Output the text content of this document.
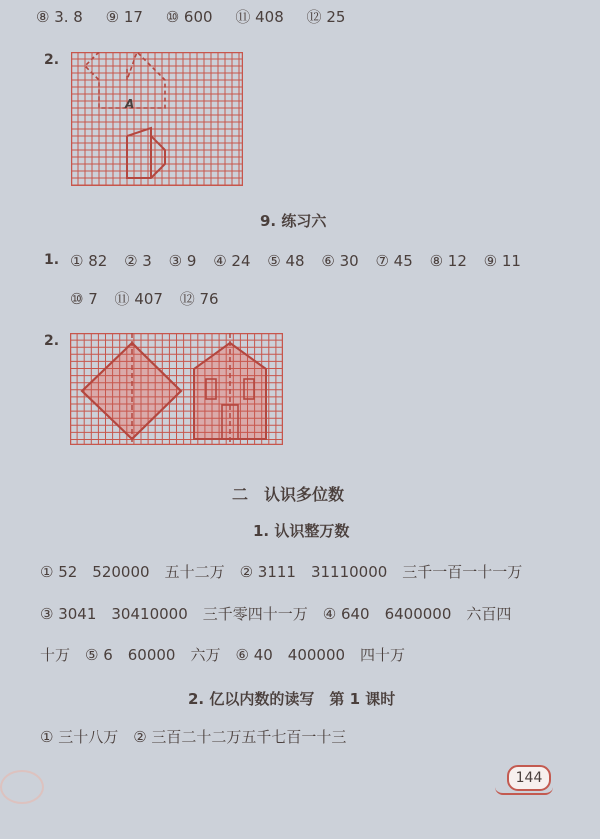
⑧ 3. 8 ⑨ 17 ⑩ 600 ⑪ 408 ⑫ 25
2.
A
9. 练习六
1. ① 82 ② 3 ③ 9 ④ 24 ⑤ 48 ⑥ 30 ⑦ 45 ⑧ 12 ⑨ 11
⑩ 7 ⑪ 407 ⑫ 76
2.
二　认识多位数
1. 认识整万数
① 52　520000　五十二万　② 3111　31110000　三千一百一十一万
③ 3041　30410000　三千零四十一万　④ 640　6400000　六百四
十万　⑤ 6　60000　六万　⑥ 40　400000　四十万
2. 亿以内数的读写　第 1 课时
① 三十八万　② 三百二十二万五千七百一十三
144
